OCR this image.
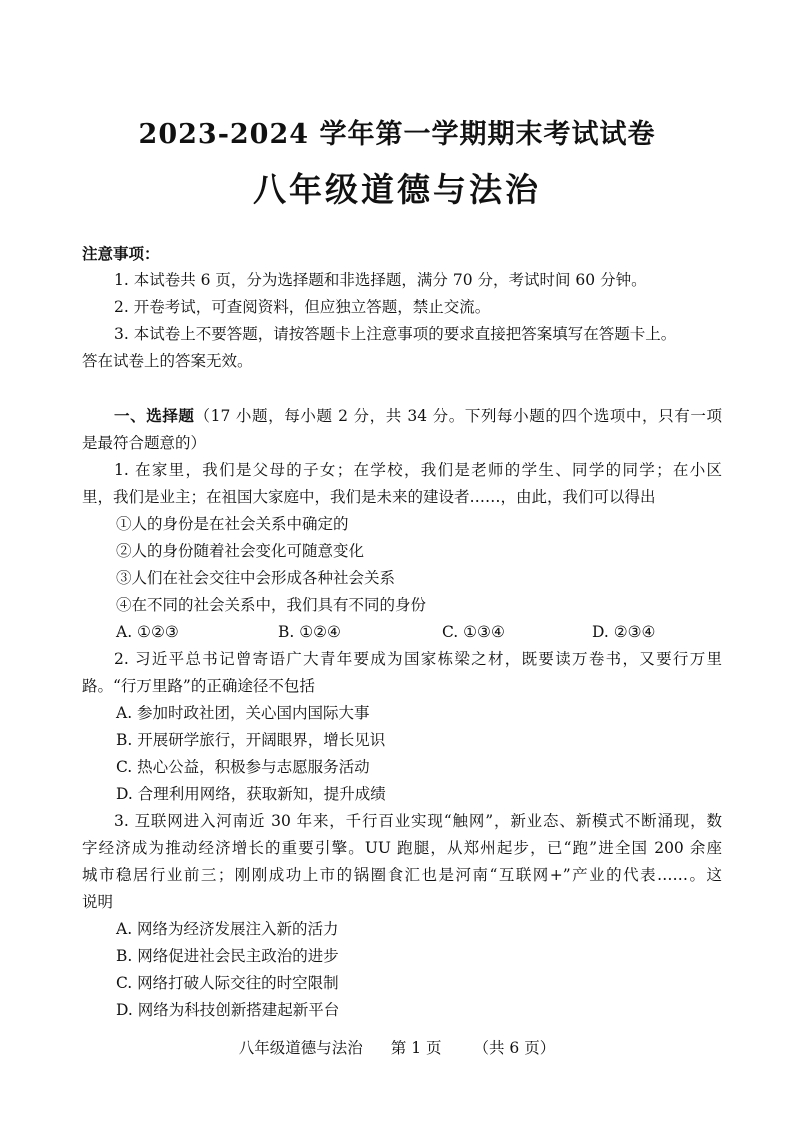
2023-2024 学年第一学期期末考试试卷
八年级道德与法治
注意事项：
1. 本试卷共 6 页，分为选择题和非选择题，满分 70 分，考试时间 60 分钟。
2. 开卷考试，可查阅资料，但应独立答题，禁止交流。
3. 本试卷上不要答题，请按答题卡上注意事项的要求直接把答案填写在答题卡上。
答在试卷上的答案无效。
一、选择题（17 小题，每小题 2 分，共 34 分。下列每小题的四个选项中，只有一项
是最符合题意的）
1. 在家里，我们是父母的子女；在学校，我们是老师的学生、同学的同学；在小区
里，我们是业主；在祖国大家庭中，我们是未来的建设者……，由此，我们可以得出
①人的身份是在社会关系中确定的
②人的身份随着社会变化可随意变化
③人们在社会交往中会形成各种社会关系
④在不同的社会关系中，我们具有不同的身份
A. ①②③	B. ①②④	C. ①③④	D. ②③④
2. 习近平总书记曾寄语广大青年要成为国家栋梁之材，既要读万卷书，又要行万里
路。“行万里路”的正确途径不包括
A. 参加时政社团，关心国内国际大事
B. 开展研学旅行，开阔眼界，增长见识
C. 热心公益，积极参与志愿服务活动
D. 合理利用网络，获取新知，提升成绩
3. 互联网进入河南近 30 年来，千行百业实现“触网”，新业态、新模式不断涌现，数
字经济成为推动经济增长的重要引擎。UU 跑腿，从郑州起步，已“跑”进全国 200 余座
城市稳居行业前三；刚刚成功上市的锅圈食汇也是河南“互联网+”产业的代表……。这
说明
A. 网络为经济发展注入新的活力
B. 网络促进社会民主政治的进步
C. 网络打破人际交往的时空限制
D. 网络为科技创新搭建起新平台
八年级道德与法治 第 1 页 （共 6 页）
